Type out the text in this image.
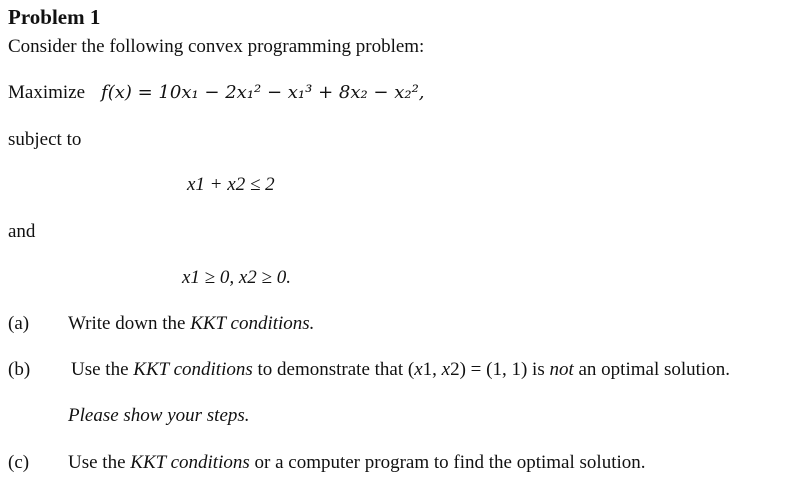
Problem 1
Consider the following convex programming problem:
Maximize f(x) = 10x₁ − 2x₁² − x₁³ + 8x₂ − x₂²,
subject to
x1 + x2 ≤ 2
and
x1 ≥ 0, x2 ≥ 0.
(a) Write down the KKT conditions.
(b) Use the KKT conditions to demonstrate that (x1, x2) = (1, 1) is not an optimal solution.
Please show your steps.
(c) Use the KKT conditions or a computer program to find the optimal solution.
